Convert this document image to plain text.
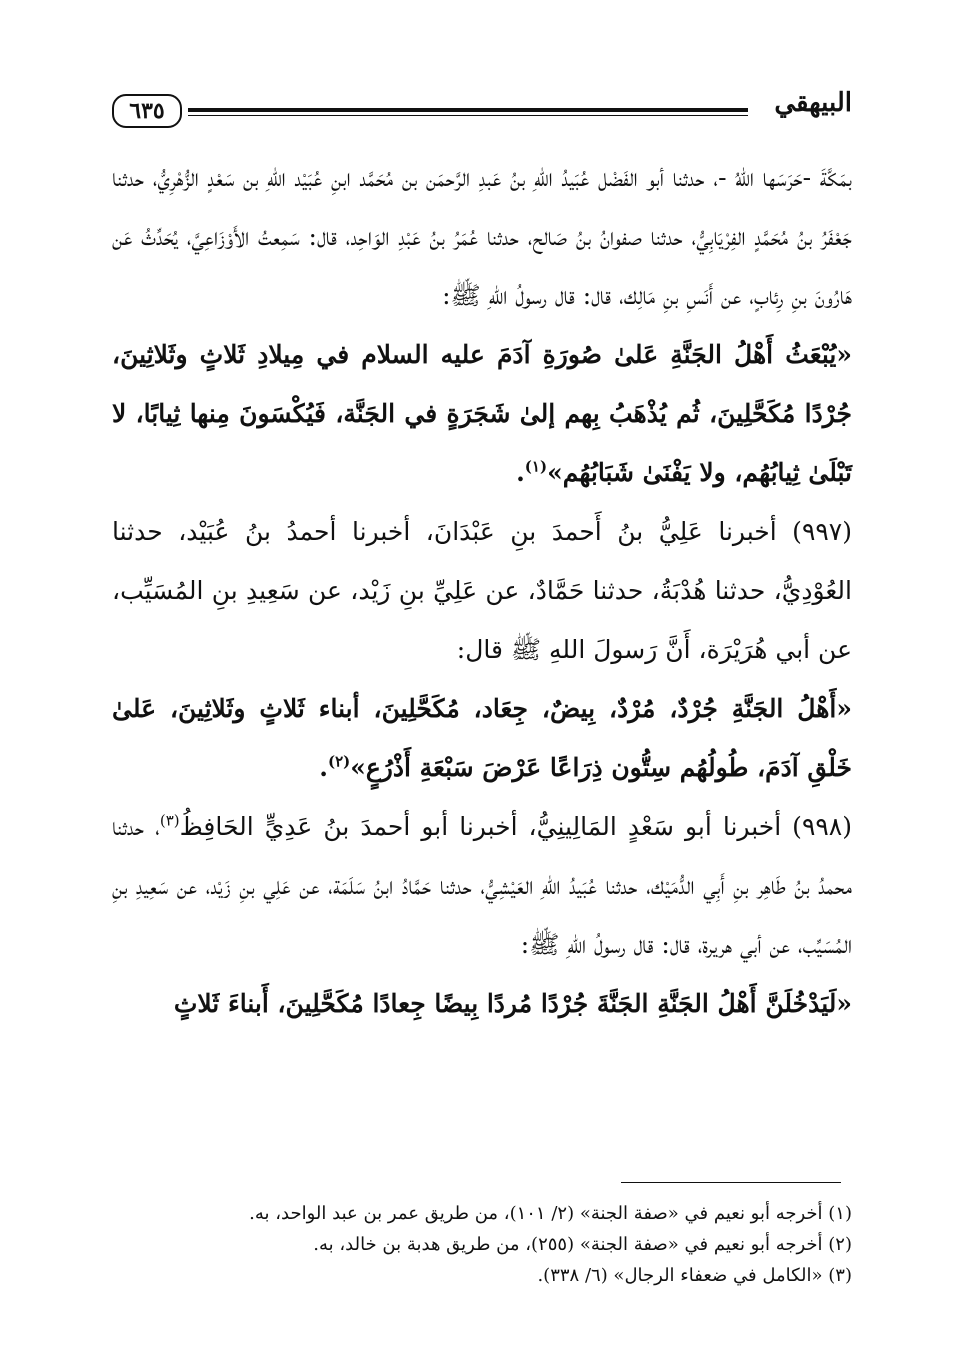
٦٣٥	البيهقي

بمَكَّةَ -حَرَسَها اللهُ -، حدثنا أبو الفَضْل عُبَيدُ اللهِ بنُ عَبدِ الرَّحمَن بن مُحَمَّد ابنِ عُبَيْد اللهِ بن سَعْدٍ الزُّهْرِيُّ، حدثنا جَعْفَرُ بنُ مُحَمَّدٍ الفِرْيَابِيُّ، حدثنا صفوانُ بنُ صَالح، حدثنا عُمَرُ بنُ عَبْدِ الوَاحِد، قال: سَمِعتُ الأَوْزَاعِيَّ، يُحَدِّثُ عَن هَارُونَ بنِ رِئابٍ، عن أَنَسِ بنِ مَالِك، قال: قال رسولُ اللهِ ﷺ:

«يُبْعَثُ أَهْلُ الجَنَّةِ عَلىٰ صُورَةِ آدَمَ عليه السلام في مِيلادِ ثَلاثٍ وثَلاثِينَ، جُرْدًا مُكَحَّلِينَ، ثُم يُذْهَبُ بِهم إلىٰ شَجَرَةٍ في الجَنَّة، فَيُكْسَونَ مِنها ثِيابًا، لا تَبْلَىٰ ثِيابُهُم، ولا يَفْنَىٰ شَبَابُهُم»$^{(١)}$.

(٩٩٧) أخبرنا عَلِيُّ بنُ أَحمدَ بنِ عَبْدَانَ، أخبرنا أحمدُ بنُ عُبَيْد، حدثنا العُوْدِيُّ، حدثنا هُدْبَةُ، حدثنا حَمَّادٌ، عن عَلِيِّ بنِ زَيْد، عن سَعِيدِ بنِ المُسَيِّب، عن أبي هُرَيْرَة، أَنَّ رَسولَ اللهِ ﷺ قال:

«أَهْلُ الجَنَّةِ جُرْدٌ، مُرْدٌ، بِيضٌ، جِعَاد، مُكَحَّلِينَ، أبناء ثَلاثٍ وثَلاثِينَ، عَلىٰ خَلْقِ آدَمَ، طُولُهُم سِتُّون ذِرَاعًا عَرْضَ سَبْعَةِ أَذْرُعٍ»$^{(٢)}$.

(٩٩٨) أخبرنا أبو سَعْدٍ المَالِينِيُّ، أخبرنا أبو أحمدَ بنُ عَدِيٍّ الحَافِظُ$^{(٣)}$، حدثنا محمدُ بنُ طَاهِر بنِ أَبِي الدُّمَيْك، حدثنا عُبَيدُ اللهِ العَيْشِيُّ، حدثنا حَمَّادُ ابنُ سَلَمَة، عن عَلِي بنِ زَيْد، عن سَعِيدِ بنِ المُسَيِّب، عن أبي هريرة، قال: قال رسولُ اللهِ ﷺ:

«لَيَدْخُلَنَّ أَهْلُ الجَنَّةِ الجَنَّةَ جُرْدًا مُردًا بِيضًا جِعادًا مُكَحَّلِينَ، أَبناءَ ثَلاثٍ

(١) أخرجه أبو نعيم في «صفة الجنة» (٢/ ١٠١)، من طريق عمر بن عبد الواحد، به.

(٢) أخرجه أبو نعيم في «صفة الجنة» (٢٥٥)، من طريق هدبة بن خالد، به.

(٣) «الكامل في ضعفاء الرجال» (٦/ ٣٣٨).
